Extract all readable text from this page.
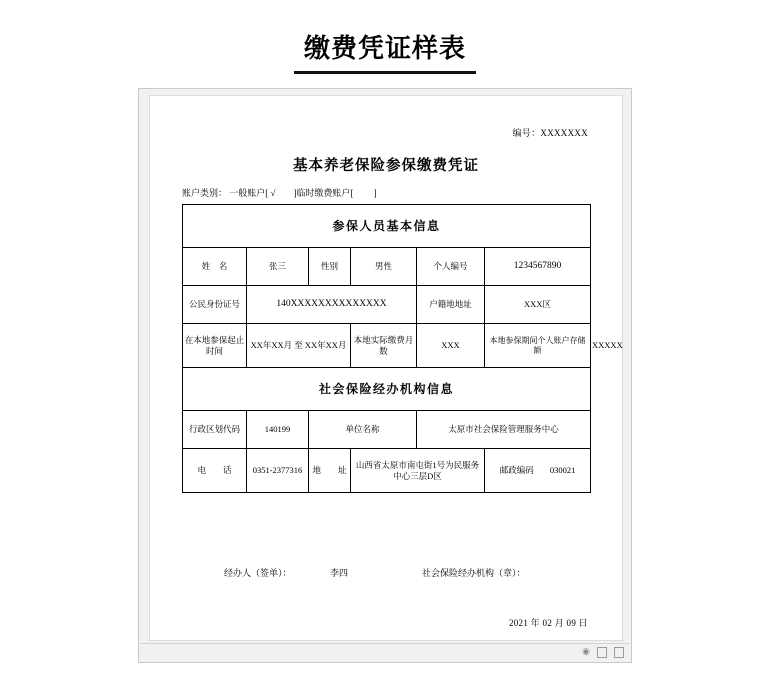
缴费凭证样表
编号：XXXXXXX
基本养老保险参保缴费凭证
账户类别： 一般账户[ √　　]临时缴费账户[　　 ]
参保人员基本信息						
姓　名	张三	性别	男性	个人编号	1234567890	
公民身份证号	140XXXXXXXXXXXXXX			户籍地地址	XXX区	
在本地参保起止时间	XX年XX月 至 XX年XX月		本地实际缴费月数	XXX	本地参保期间个人账户存储额	XXXXX
社会保险经办机构信息						
行政区划代码	140199	单位名称		太原市社会保险管理服务中心		
电　　话	0351-2377316	地　　址	山西省太原市南屯街1号为民服务中心三层D区		邮政编码 030021	
经办人（签单）：	李四	社会保险经办机构（章）：
2021 年 02 月 09 日
◉
